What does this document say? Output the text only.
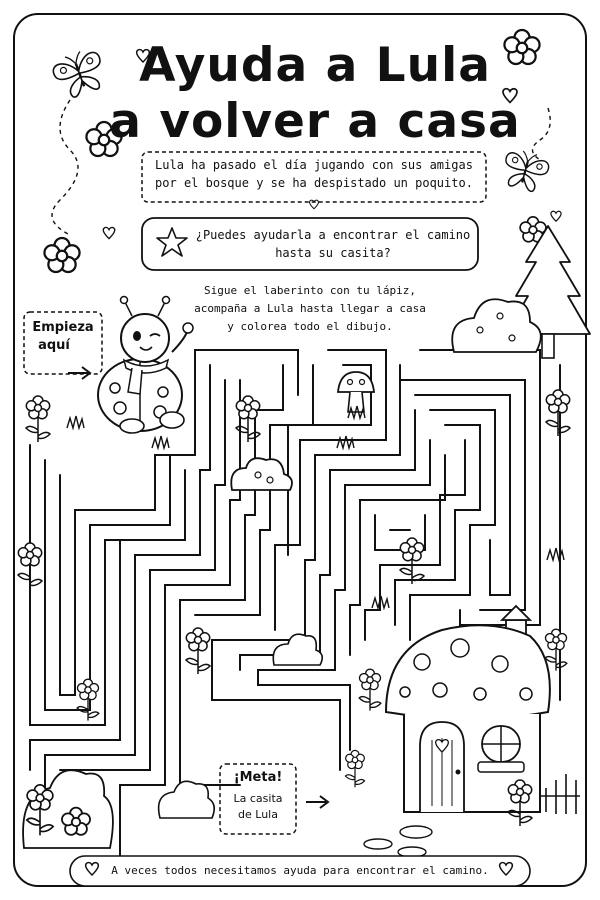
Ayuda a Lula
a volver a casa
Lula ha pasado el día jugando con sus amigas
por el bosque y se ha despistado un poquito.
¿Puedes ayudarla a encontrar el camino
hasta su casita?
Sigue el laberinto con tu lápiz,
acompaña a Lula hasta llegar a casa
y colorea todo el dibujo.
Empieza
aquí
¡Meta!
La casita
de Lula
A veces todos necesitamos ayuda para encontrar el camino.
